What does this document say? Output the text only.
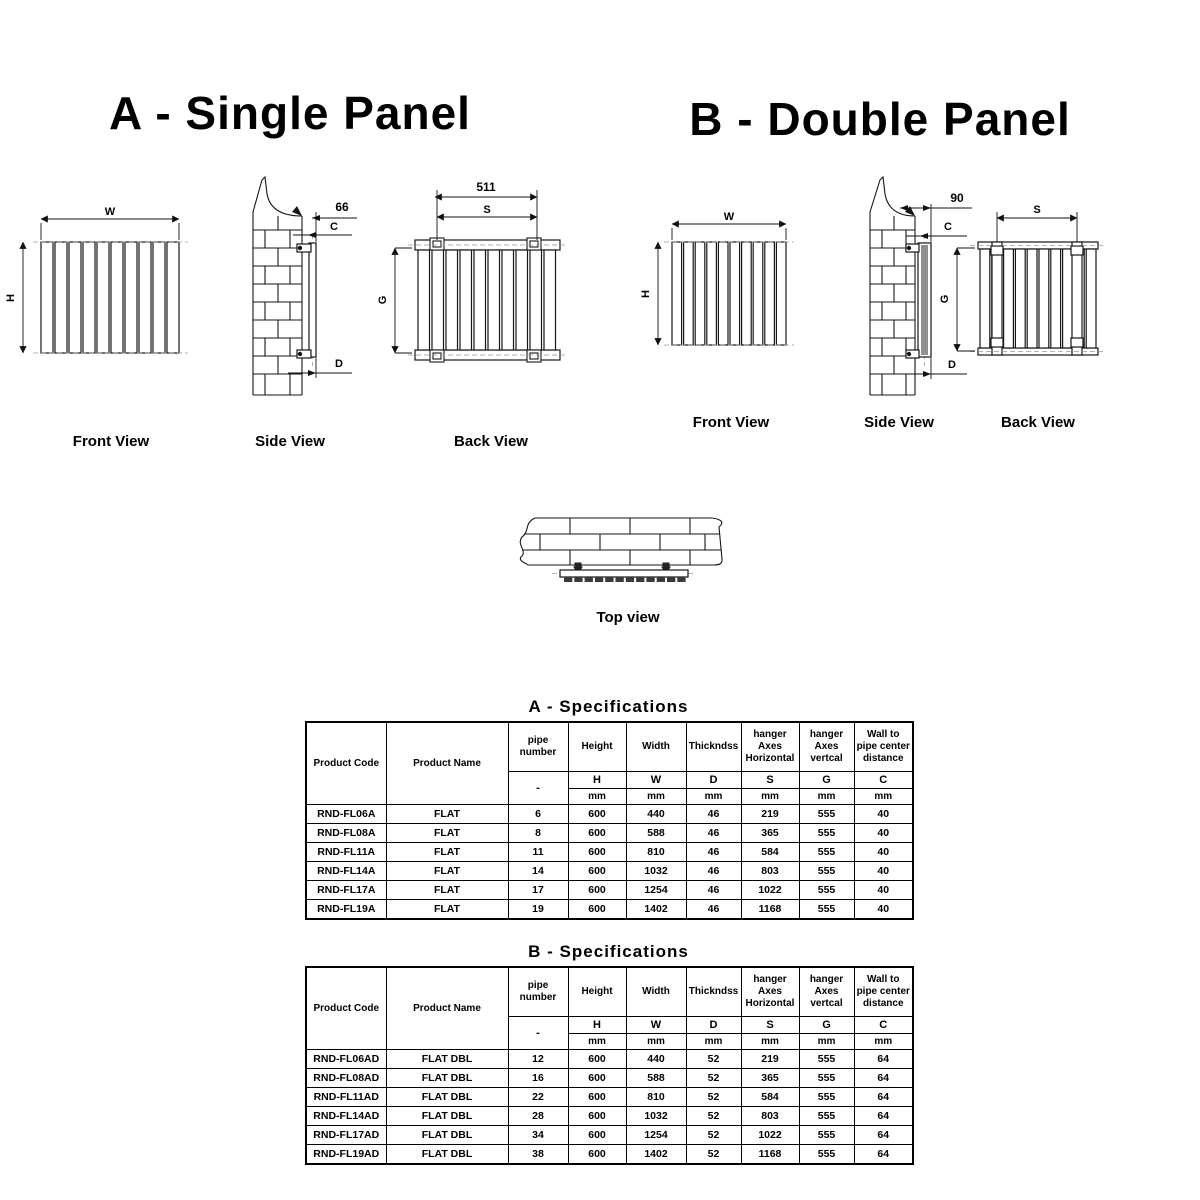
A - Single Panel	B - Double Panel
W
H
66
C
D
511
S
G
W
H
90
C
D
S
G
Front View	Side View	Back View
Front View	Side View	Back View
Top view
A - Specifications
Product Code	Product Name	pipe number	Height	Width	Thickndss	hanger Axes Horizontal	hanger Axes vertcal	Wall to pipe center distance
		-	H	W	D	S	G	C
			mm	mm	mm	mm	mm	mm
RND-FL06A	FLAT	6	600	440	46	219	555	40
RND-FL08A	FLAT	8	600	588	46	365	555	40
RND-FL11A	FLAT	11	600	810	46	584	555	40
RND-FL14A	FLAT	14	600	1032	46	803	555	40
RND-FL17A	FLAT	17	600	1254	46	1022	555	40
RND-FL19A	FLAT	19	600	1402	46	1168	555	40
B - Specifications
Product Code	Product Name	pipe number	Height	Width	Thickndss	hanger Axes Horizontal	hanger Axes vertcal	Wall to pipe center distance
		-	H	W	D	S	G	C
			mm	mm	mm	mm	mm	mm
RND-FL06AD	FLAT DBL	12	600	440	52	219	555	64
RND-FL08AD	FLAT DBL	16	600	588	52	365	555	64
RND-FL11AD	FLAT DBL	22	600	810	52	584	555	64
RND-FL14AD	FLAT DBL	28	600	1032	52	803	555	64
RND-FL17AD	FLAT DBL	34	600	1254	52	1022	555	64
RND-FL19AD	FLAT DBL	38	600	1402	52	1168	555	64
